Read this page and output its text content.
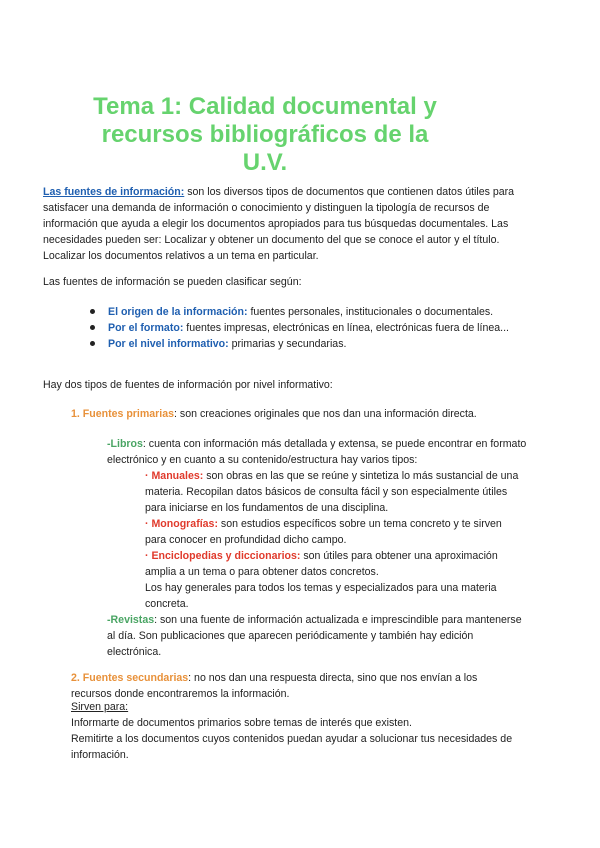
Tema 1: Calidad documental y
recursos bibliográficos de la
U.V.

Las fuentes de información: son los diversos tipos de documentos que contienen datos útiles para satisfacer una demanda de información o conocimiento y distinguen la tipología de recursos de información que ayuda a elegir los documentos apropiados para tus búsquedas documentales. Las necesidades pueden ser: Localizar y obtener un documento del que se conoce el autor y el título. Localizar los documentos relativos a un tema en particular.

Las fuentes de información se pueden clasificar según:

El origen de la información: fuentes personales, institucionales o documentales.
Por el formato: fuentes impresas, electrónicas en línea, electrónicas fuera de línea...
Por el nivel informativo: primarias y secundarias.

Hay dos tipos de fuentes de información por nivel informativo:

1. Fuentes primarias: son creaciones originales que nos dan una información directa.

-Libros: cuenta con información más detallada y extensa, se puede encontrar en formato electrónico y en cuanto a su contenido/estructura hay varios tipos:

· Manuales: son obras en las que se reúne y sintetiza lo más sustancial de una materia. Recopilan datos básicos de consulta fácil y son especialmente útiles para iniciarse en los fundamentos de una disciplina.

· Monografías: son estudios específicos sobre un tema concreto y te sirven para conocer en profundidad dicho campo.

· Enciclopedias y diccionarios: son útiles para obtener una aproximación amplia a un tema o para obtener datos concretos.

Los hay generales para todos los temas y especializados para una materia concreta.

-Revistas: son una fuente de información actualizada e imprescindible para mantenerse al día. Son publicaciones que aparecen periódicamente y también hay edición electrónica.

2. Fuentes secundarias: no nos dan una respuesta directa, sino que nos envían a los recursos donde encontraremos la información.

Sirven para:

Informarte de documentos primarios sobre temas de interés que existen.

Remitirte a los documentos cuyos contenidos puedan ayudar a solucionar tus necesidades de información.
